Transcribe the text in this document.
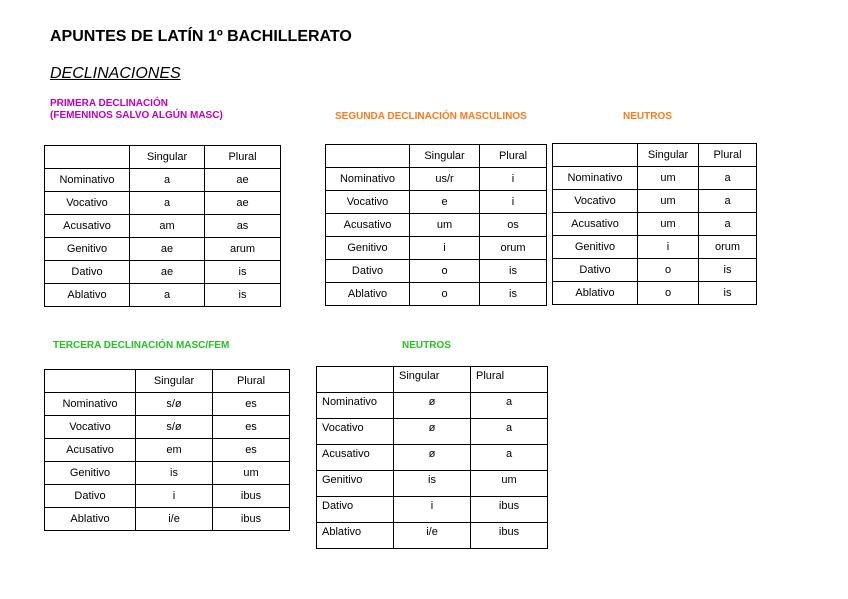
APUNTES DE LATÍN 1º BACHILLERATO
DECLINACIONES
PRIMERA DECLINACIÓN
(FEMENINOS SALVO ALGÚN MASC)	SEGUNDA DECLINACIÓN MASCULINOS	NEUTROS
TERCERA DECLINACIÓN MASC/FEM	NEUTROS
	Singular	Plural
Nominativo	a	ae
Vocativo	a	ae
Acusativo	am	as
Genitivo	ae	arum
Dativo	ae	is
Ablativo	a	is
	Singular	Plural
Nominativo	us/r	i
Vocativo	e	i
Acusativo	um	os
Genitivo	i	orum
Dativo	o	is
Ablativo	o	is
	Singular	Plural
Nominativo	um	a
Vocativo	um	a
Acusativo	um	a
Genitivo	i	orum
Dativo	o	is
Ablativo	o	is
	Singular	Plural
Nominativo	s/ø	es
Vocativo	s/ø	es
Acusativo	em	es
Genitivo	is	um
Dativo	i	ibus
Ablativo	i/e	ibus
	Singular	Plural
Nominativo	ø	a
Vocativo	ø	a
Acusativo	ø	a
Genitivo	is	um
Dativo	i	ibus
Ablativo	i/e	ibus
